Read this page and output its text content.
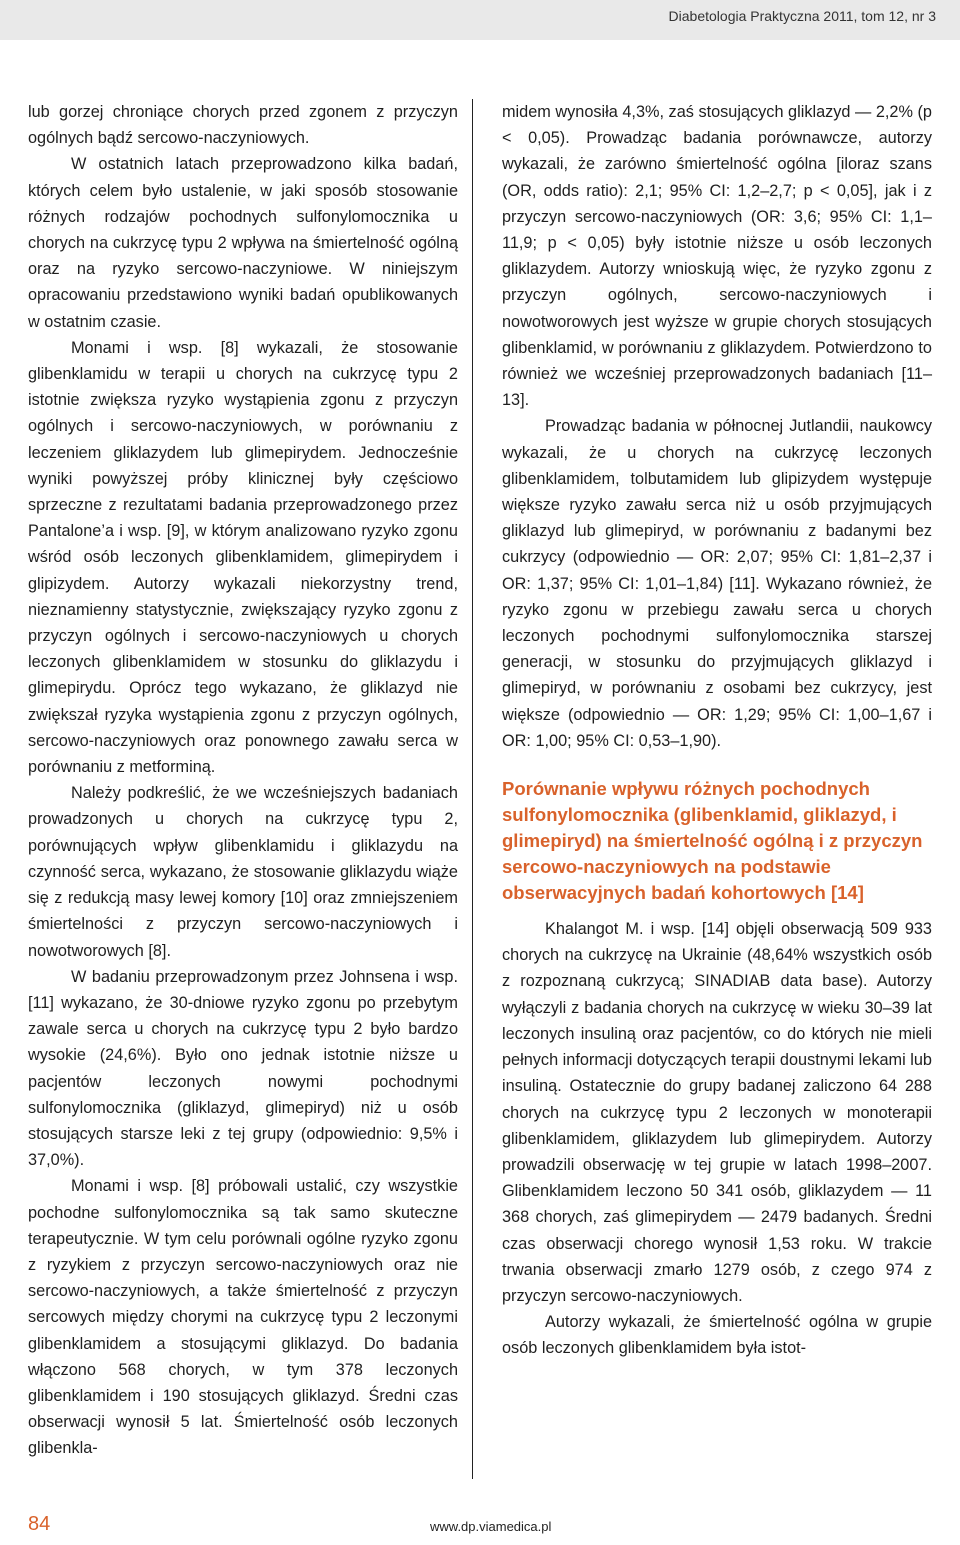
Diabetologia Praktyczna 2011, tom 12, nr 3

lub gorzej chroniące chorych przed zgonem z przyczyn ogólnych bądź sercowo-naczyniowych.

W ostatnich latach przeprowadzono kilka badań, których celem było ustalenie, w jaki sposób stosowanie różnych rodzajów pochodnych sulfonylomocznika u chorych na cukrzycę typu 2 wpływa na śmiertelność ogólną oraz na ryzyko sercowo-naczyniowe. W niniejszym opracowaniu przedstawiono wyniki badań opublikowanych w ostatnim czasie.

Monami i wsp. [8] wykazali, że stosowanie glibenklamidu w terapii u chorych na cukrzycę typu 2 istotnie zwiększa ryzyko wystąpienia zgonu z przyczyn ogólnych i sercowo-naczyniowych, w porównaniu z leczeniem gliklazydem lub glimepirydem. Jednocześnie wyniki powyższej próby klinicznej były częściowo sprzeczne z rezultatami badania przeprowadzonego przez Pantalone’a i wsp. [9], w którym analizowano ryzyko zgonu wśród osób leczonych glibenklamidem, glimepirydem i glipizydem. Autorzy wykazali niekorzystny trend, nieznamienny statystycznie, zwiększający ryzyko zgonu z przyczyn ogólnych i sercowo-naczyniowych u chorych leczonych glibenklamidem w stosunku do gliklazydu i glimepirydu. Oprócz tego wykazano, że gliklazyd nie zwiększał ryzyka wystąpienia zgonu z przyczyn ogólnych, sercowo-naczyniowych oraz ponownego zawału serca w porównaniu z metforminą.

Należy podkreślić, że we wcześniejszych badaniach prowadzonych u chorych na cukrzycę typu 2, porównujących wpływ glibenklamidu i gliklazydu na czynność serca, wykazano, że stosowanie gliklazydu wiąże się z redukcją masy lewej komory [10] oraz zmniejszeniem śmiertelności z przyczyn sercowo-naczyniowych i nowotworowych [8].

W badaniu przeprowadzonym przez Johnsena i wsp. [11] wykazano, że 30-dniowe ryzyko zgonu po przebytym zawale serca u chorych na cukrzycę typu 2 było bardzo wysokie (24,6%). Było ono jednak istotnie niższe u pacjentów leczonych nowymi pochodnymi sulfonylomocznika (gliklazyd, glimepiryd) niż u osób stosujących starsze leki z tej grupy (odpowiednio: 9,5% i 37,0%).

Monami i wsp. [8] próbowali ustalić, czy wszystkie pochodne sulfonylomocznika są tak samo skuteczne terapeutycznie. W tym celu porównali ogólne ryzyko zgonu z ryzykiem z przyczyn sercowo-naczyniowych oraz nie sercowo-naczyniowych, a także śmiertelność z przyczyn sercowych między chorymi na cukrzycę typu 2 leczonymi glibenklamidem a stosującymi gliklazyd. Do badania włączono 568 chorych, w tym 378 leczonych glibenklamidem i 190 stosujących gliklazyd. Średni czas obserwacji wynosił 5 lat. Śmiertelność osób leczonych glibenkla-

midem wynosiła 4,3%, zaś stosujących gliklazyd — 2,2% (p < 0,05). Prowadząc badania porównawcze, autorzy wykazali, że zarówno śmiertelność ogólna [iloraz szans (OR, odds ratio): 2,1; 95% CI: 1,2–2,7; p < 0,05], jak i z przyczyn sercowo-naczyniowych (OR: 3,6; 95% CI: 1,1–11,9; p < 0,05) były istotnie niższe u osób leczonych gliklazydem. Autorzy wnioskują więc, że ryzyko zgonu z przyczyn ogólnych, sercowo-naczyniowych i nowotworowych jest wyższe w grupie chorych stosujących glibenklamid, w porównaniu z gliklazydem. Potwierdzono to również we wcześniej przeprowadzonych badaniach [11–13].

Prowadząc badania w północnej Jutlandii, naukowcy wykazali, że u chorych na cukrzycę leczonych glibenklamidem, tolbutamidem lub glipizydem występuje większe ryzyko zawału serca niż u osób przyjmujących gliklazyd lub glimepiryd, w porównaniu z badanymi bez cukrzycy (odpowiednio — OR: 2,07; 95% CI: 1,81–2,37 i OR: 1,37; 95% CI: 1,01–1,84) [11]. Wykazano również, że ryzyko zgonu w przebiegu zawału serca u chorych leczonych pochodnymi sulfonylomocznika starszej generacji, w stosunku do przyjmujących gliklazyd i glimepiryd, w porównaniu z osobami bez cukrzycy, jest większe (odpowiednio — OR: 1,29; 95% CI: 1,00–1,67 i OR: 1,00; 95% CI: 0,53–1,90).

Porównanie wpływu różnych pochodnych sulfonylomocznika (glibenklamid, gliklazyd, i glimepiryd) na śmiertelność ogólną i z przyczyn sercowo-naczyniowych na podstawie obserwacyjnych badań kohortowych [14]

Khalangot M. i wsp. [14] objęli obserwacją 509 933 chorych na cukrzycę na Ukrainie (48,64% wszystkich osób z rozpoznaną cukrzycą; SINADIAB data base). Autorzy wyłączyli z badania chorych na cukrzycę w wieku 30–39 lat leczonych insuliną oraz pacjentów, co do których nie mieli pełnych informacji dotyczących terapii doustnymi lekami lub insuliną. Ostatecznie do grupy badanej zaliczono 64 288 chorych na cukrzycę typu 2 leczonych w monoterapii glibenklamidem, gliklazydem lub glimepirydem. Autorzy prowadzili obserwację w tej grupie w latach 1998–2007. Glibenklamidem leczono 50 341 osób, gliklazydem — 11 368 chorych, zaś glimepirydem — 2479 badanych. Średni czas obserwacji chorego wynosił 1,53 roku. W trakcie trwania obserwacji zmarło 1279 osób, z czego 974 z przyczyn sercowo-naczyniowych.

Autorzy wykazali, że śmiertelność ogólna w grupie osób leczonych glibenklamidem była istot-

84	www.dp.viamedica.pl
